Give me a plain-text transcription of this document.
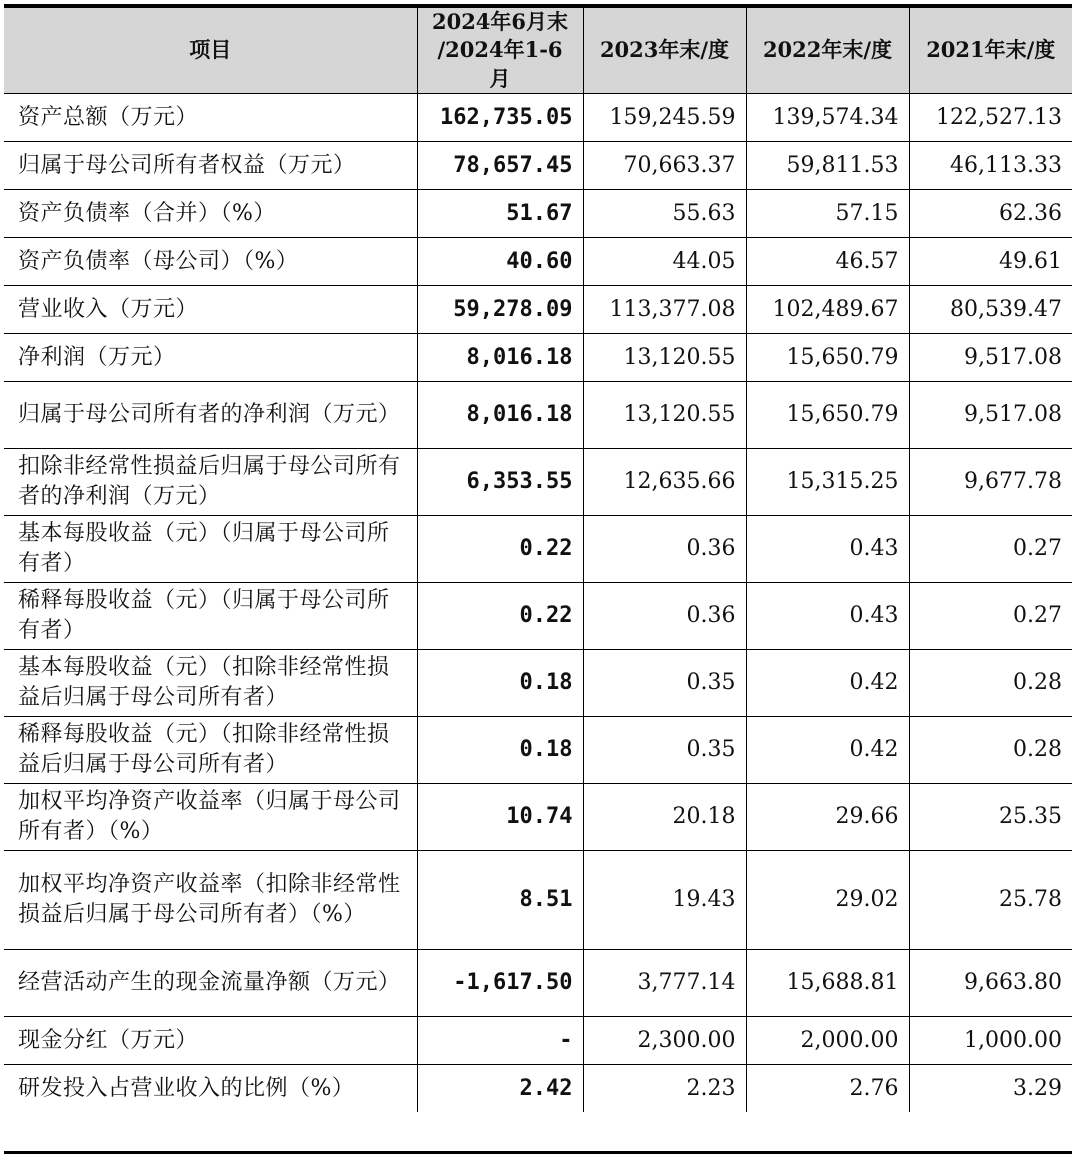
项目	2024年6月末 /2024年1-6月	2023年末/度	2022年末/度	2021年末/度
资产总额（万元）	162,735.05	159,245.59	139,574.34	122,527.13
归属于母公司所有者权益（万元）	78,657.45	70,663.37	59,811.53	46,113.33
资产负债率（合并）（%）	51.67	55.63	57.15	62.36
资产负债率（母公司）（%）	40.60	44.05	46.57	49.61
营业收入（万元）	59,278.09	113,377.08	102,489.67	80,539.47
净利润（万元）	8,016.18	13,120.55	15,650.79	9,517.08
归属于母公司所有者的净利润（万元）	8,016.18	13,120.55	15,650.79	9,517.08
扣除非经常性损益后归属于母公司所有者的净利润（万元）	6,353.55	12,635.66	15,315.25	9,677.78
基本每股收益（元）（归属于母公司所有者）	0.22	0.36	0.43	0.27
稀释每股收益（元）（归属于母公司所有者）	0.22	0.36	0.43	0.27
基本每股收益（元）（扣除非经常性损益后归属于母公司所有者）	0.18	0.35	0.42	0.28
稀释每股收益（元）（扣除非经常性损益后归属于母公司所有者）	0.18	0.35	0.42	0.28
加权平均净资产收益率（归属于母公司所有者）（%）	10.74	20.18	29.66	25.35
加权平均净资产收益率（扣除非经常性损益后归属于母公司所有者）（%）	8.51	19.43	29.02	25.78
经营活动产生的现金流量净额（万元）	-1,617.50	3,777.14	15,688.81	9,663.80
现金分红（万元）	-	2,300.00	2,000.00	1,000.00
研发投入占营业收入的比例（%）	2.42	2.23	2.76	3.29
